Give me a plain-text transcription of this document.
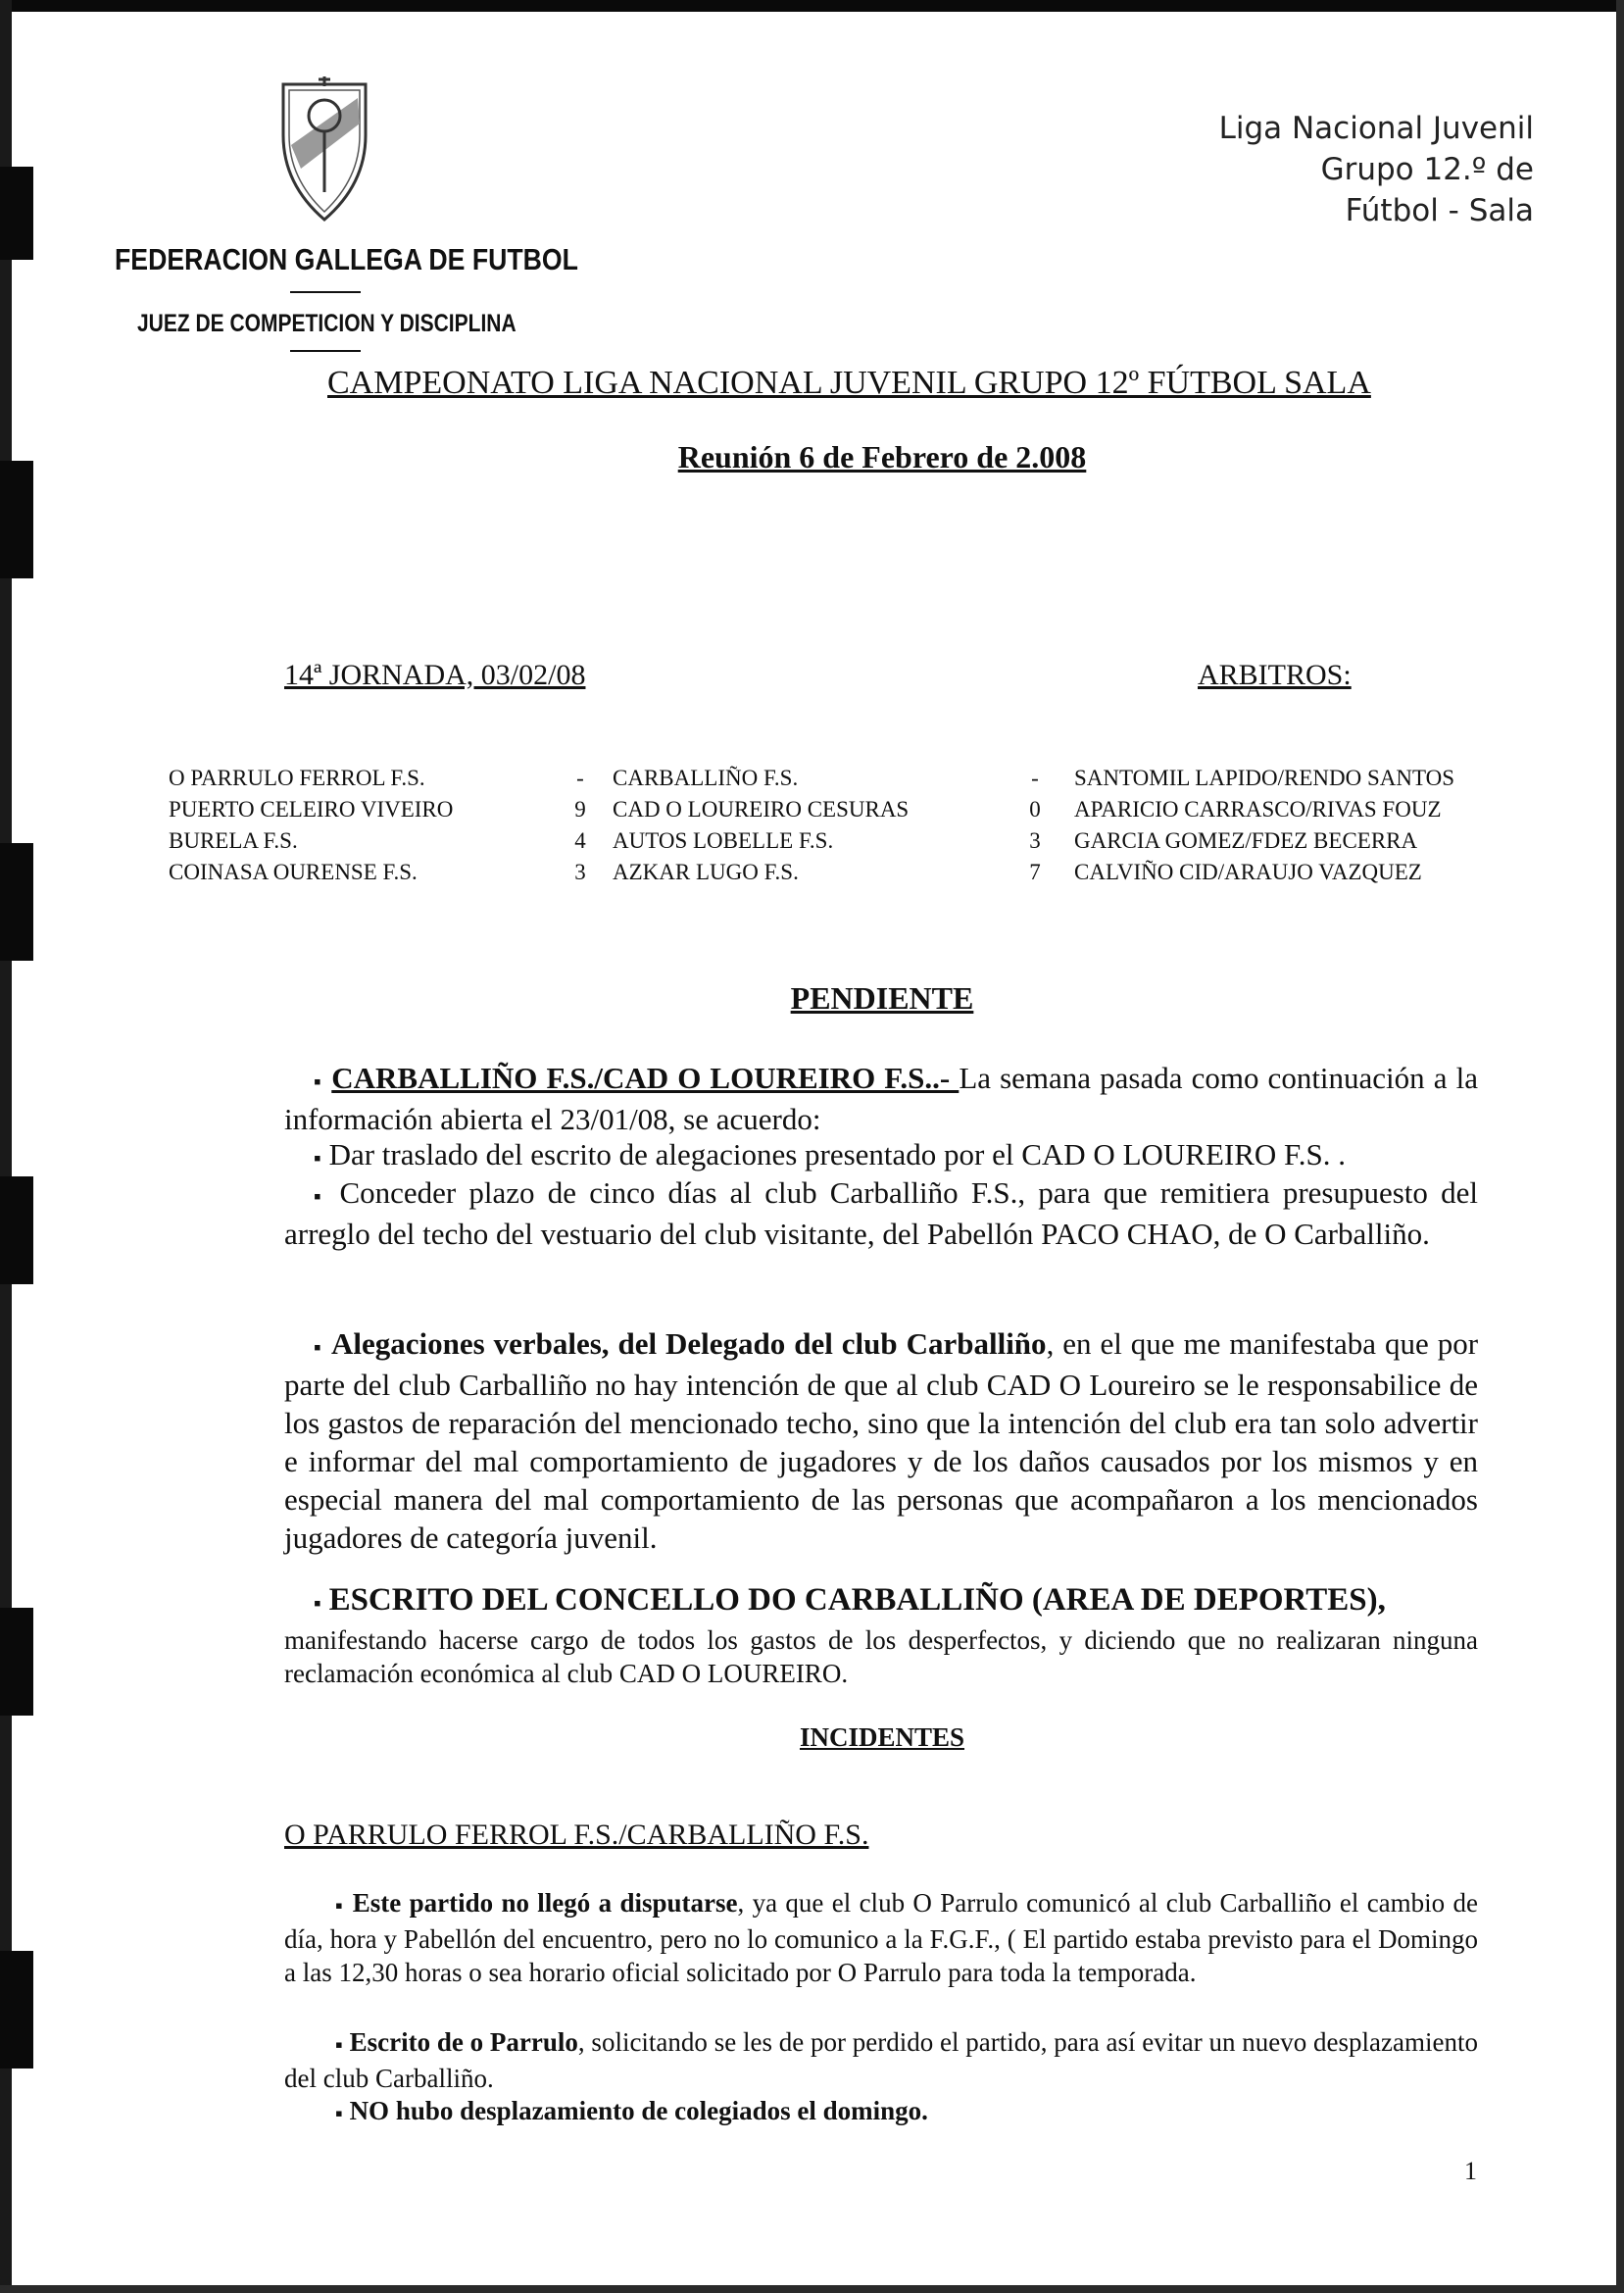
FEDERACION GALLEGA DE FUTBOL
JUEZ DE COMPETICION Y DISCIPLINA
Liga Nacional Juvenil
Grupo 12.º de
Fútbol - Sala
CAMPEONATO LIGA NACIONAL JUVENIL GRUPO 12º FÚTBOL SALA
Reunión 6 de Febrero de 2.008
14ª JORNADA, 03/02/08	ARBITROS:
O PARRULO FERROL F.S.	- CARBALLIÑO F.S.	- SANTOMIL LAPIDO/RENDO SANTOS
PUERTO CELEIRO VIVEIRO	9 CAD O LOUREIRO CESURAS	0 APARICIO CARRASCO/RIVAS FOUZ
BURELA F.S.	4 AUTOS LOBELLE F.S.	3 GARCIA GOMEZ/FDEZ BECERRA
COINASA OURENSE F.S.	3 AZKAR LUGO F.S.	7 CALVIÑO CID/ARAUJO VAZQUEZ
PENDIENTE
▪ CARBALLIÑO F.S./CAD O LOUREIRO F.S..- La semana pasada como continuación a la información abierta el 23/01/08, se acuerdo:
▪ Dar traslado del escrito de alegaciones presentado por el CAD O LOUREIRO F.S. .
▪ Conceder plazo de cinco días al club Carballiño F.S., para que remitiera presupuesto del arreglo del techo del vestuario del club visitante, del Pabellón PACO CHAO, de O Carballiño.
▪ Alegaciones verbales, del Delegado del club Carballiño, en el que me manifestaba que por parte del club Carballiño no hay intención de que al club CAD O Loureiro se le responsabilice de los gastos de reparación del mencionado techo, sino que la intención del club era tan solo advertir e informar del mal comportamiento de jugadores y de los daños causados por los mismos y en especial manera del mal comportamiento de las personas que acompañaron a los mencionados jugadores de categoría juvenil.
▪ ESCRITO DEL CONCELLO DO CARBALLIÑO (AREA DE DEPORTES),
manifestando hacerse cargo de todos los gastos de los desperfectos, y diciendo que no realizaran ninguna reclamación económica al club CAD O LOUREIRO.
INCIDENTES
O PARRULO FERROL F.S./CARBALLIÑO F.S.
▪ Este partido no llegó a disputarse, ya que el club O Parrulo comunicó al club Carballiño el cambio de día, hora y Pabellón del encuentro, pero no lo comunico a la F.G.F., ( El partido estaba previsto para el Domingo a las 12,30 horas o sea horario oficial solicitado por O Parrulo para toda la temporada.
▪ Escrito de o Parrulo, solicitando se les de por perdido el partido, para así evitar un nuevo desplazamiento del club Carballiño.
▪ NO hubo desplazamiento de colegiados el domingo.
1
